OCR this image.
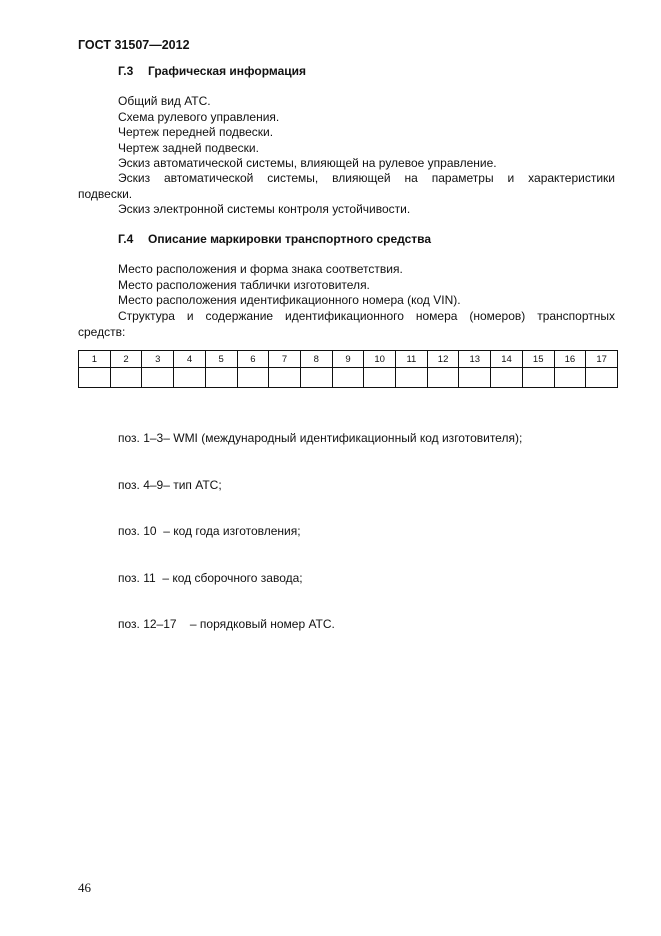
ГОСТ 31507—2012
Г.3 Графическая информация
Общий вид АТС.
Схема рулевого управления.
Чертеж передней подвески.
Чертеж задней подвески.
Эскиз автоматической системы, влияющей на рулевое управление.
Эскиз автоматической системы, влияющей на параметры и характеристики
подвески.
Эскиз электронной системы контроля устойчивости.
Г.4 Описание маркировки транспортного средства
Место расположения и форма знака соответствия.
Место расположения таблички изготовителя.
Место расположения идентификационного номера (код VIN).
Структура и содержание идентификационного номера (номеров) транспортных
средств:
1	2	3	4	5	6	7	8	9	10	11	12	13	14	15	16	17

поз. 1–3– WMI (международный идентификационный код изготовителя);

поз. 4–9– тип АТС;

поз. 10  – код года изготовления;

поз. 11  – код сборочного завода;

поз. 12–17    – порядковый номер АТС.

46
